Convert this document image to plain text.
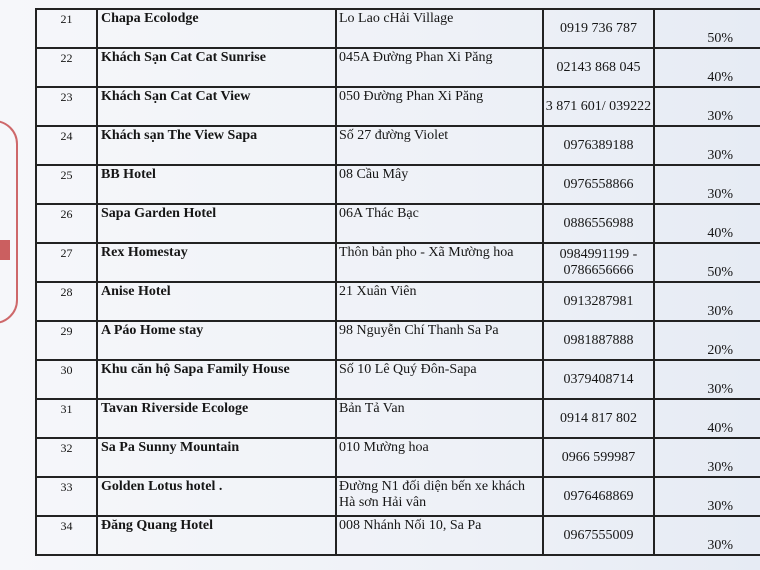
21	Chapa Ecolodge	Lo Lao cHải Village	0919 736 787	50%
22	Khách Sạn Cat Cat Sunrise	045A Đường Phan Xi Păng	02143 868 045	40%
23	Khách Sạn Cat Cat View	050 Đường Phan Xi Păng	3 871 601/ 039222	30%
24	Khách sạn The View Sapa	Số 27 đường Violet	0976389188	30%
25	BB Hotel	08 Cầu Mây	0976558866	30%
26	Sapa Garden Hotel	06A Thác Bạc	0886556988	40%
27	Rex Homestay	Thôn bản pho - Xã Mường hoa	0984991199 - 0786656666	50%
28	Anise Hotel	21 Xuân Viên	0913287981	30%
29	A Páo Home stay	98 Nguyễn Chí Thanh Sa Pa	0981887888	20%
30	Khu căn hộ Sapa Family House	Số 10 Lê Quý Đôn-Sapa	0379408714	30%
31	Tavan Riverside Ecologe	Bản Tả Van	0914 817 802	40%
32	Sa Pa Sunny Mountain	010 Mường hoa	0966 599987	30%
33	Golden Lotus hotel .	Đường N1 đối diện bến xe khách Hà sơn Hải vân	0976468869	30%
34	Đăng Quang Hotel	008 Nhánh Nối 10, Sa Pa	0967555009	30%
